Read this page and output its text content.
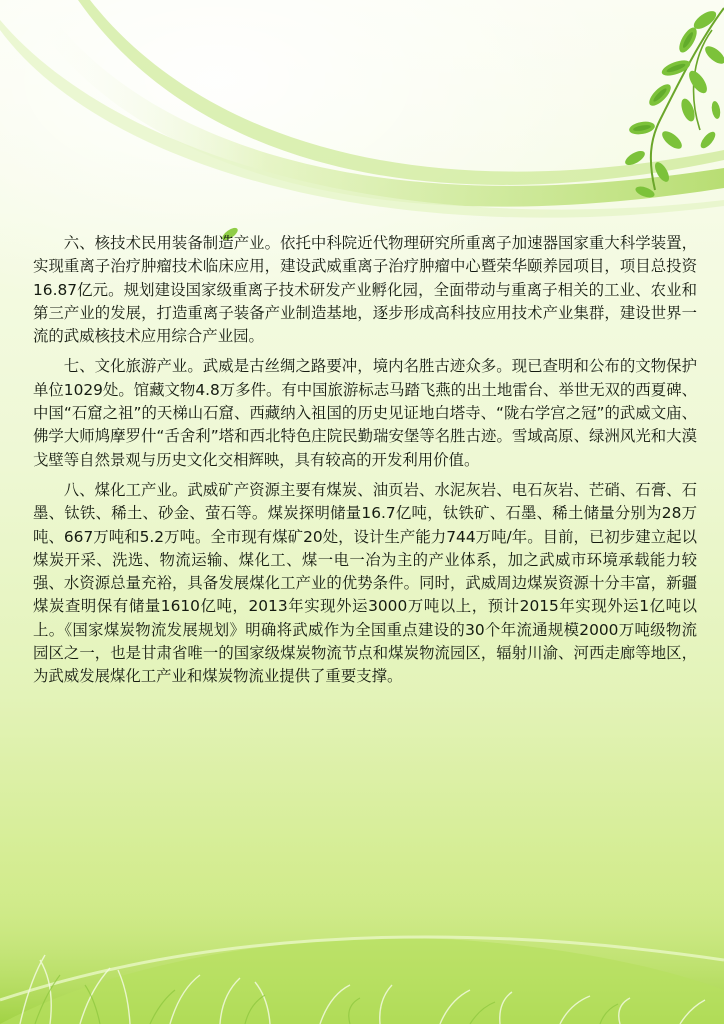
六、核技术民用装备制造产业。依托中科院近代物理研究所重离子加速器国家重大科学装置，实现重离子治疗肿瘤技术临床应用，建设武威重离子治疗肿瘤中心暨荣华颐养园项目，项目总投资16.87亿元。规划建设国家级重离子技术研发产业孵化园，全面带动与重离子相关的工业、农业和第三产业的发展，打造重离子装备产业制造基地，逐步形成高科技应用技术产业集群，建设世界一流的武威核技术应用综合产业园。

七、文化旅游产业。武威是古丝绸之路要冲，境内名胜古迹众多。现已查明和公布的文物保护单位1029处。馆藏文物4.8万多件。有中国旅游标志马踏飞燕的出土地雷台、举世无双的西夏碑、中国“石窟之祖”的天梯山石窟、西藏纳入祖国的历史见证地白塔寺、“陇右学宫之冠”的武威文庙、佛学大师鸠摩罗什“舌舍利”塔和西北特色庄院民勤瑞安堡等名胜古迹。雪域高原、绿洲风光和大漠戈壁等自然景观与历史文化交相辉映，具有较高的开发利用价值。

八、煤化工产业。武威矿产资源主要有煤炭、油页岩、水泥灰岩、电石灰岩、芒硝、石膏、石墨、钛铁、稀土、砂金、萤石等。煤炭探明储量16.7亿吨，钛铁矿、石墨、稀土储量分别为28万吨、667万吨和5.2万吨。全市现有煤矿20处，设计生产能力744万吨/年。目前，已初步建立起以煤炭开采、洗选、物流运输、煤化工、煤一电一冶为主的产业体系，加之武威市环境承载能力较强、水资源总量充裕，具备发展煤化工产业的优势条件。同时，武威周边煤炭资源十分丰富，新疆煤炭查明保有储量1610亿吨，2013年实现外运3000万吨以上，预计2015年实现外运1亿吨以上。《国家煤炭物流发展规划》明确将武威作为全国重点建设的30个年流通规模2000万吨级物流园区之一，也是甘肃省唯一的国家级煤炭物流节点和煤炭物流园区，辐射川渝、河西走廊等地区，为武威发展煤化工产业和煤炭物流业提供了重要支撑。
